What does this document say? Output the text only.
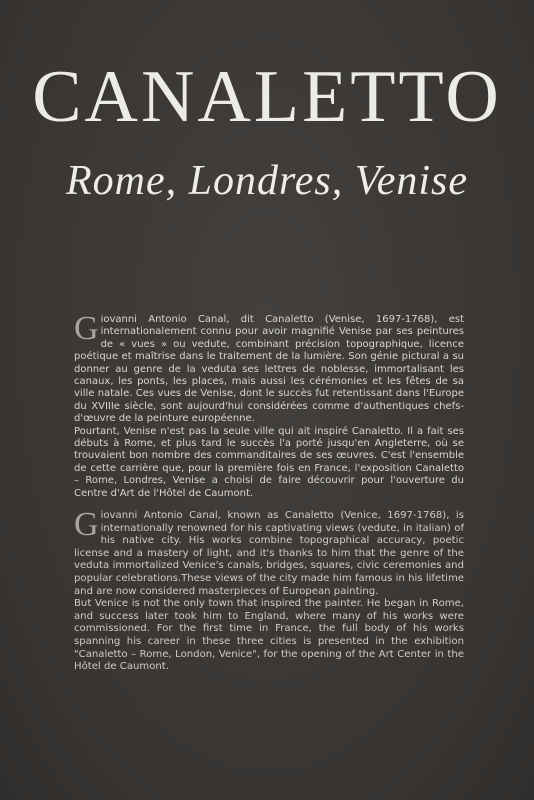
CANALETTO
Rome, Londres, Venise
G iovanni Antonio Canal, dit Canaletto (Venise, 1697-1768), est internationalement connu pour avoir magnifié Venise par ses peintures de « vues » ou vedute, combinant précision topographique, licence poétique et maîtrise dans le traitement de la lumière. Son génie pictural a su donner au genre de la veduta ses lettres de noblesse, immortalisant les canaux, les ponts, les places, mais aussi les cérémonies et les fêtes de sa ville natale. Ces vues de Venise, dont le succès fut retentissant dans l'Europe du XVIIIe siècle, sont aujourd'hui considérées comme d'authentiques chefs-d'œuvre de la peinture européenne.

Pourtant, Venise n'est pas la seule ville qui ait inspiré Canaletto. Il a fait ses débuts à Rome, et plus tard le succès l'a porté jusqu'en Angleterre, où se trouvaient bon nombre des commanditaires de ses œuvres. C'est l'ensemble de cette carrière que, pour la première fois en France, l'exposition Canaletto – Rome, Londres, Venise a choisi de faire découvrir pour l'ouverture du Centre d'Art de l'Hôtel de Caumont.

G iovanni Antonio Canal, known as Canaletto (Venice, 1697-1768), is internationally renowned for his captivating views (vedute, in italian) of his native city. His works combine topographical accuracy, poetic license and a mastery of light, and it's thanks to him that the genre of the veduta immortalized Venice's canals, bridges, squares, civic ceremonies and popular celebrations.These views of the city made him famous in his lifetime and are now considered masterpieces of European painting.

But Venice is not the only town that inspired the painter. He began in Rome, and success later took him to England, where many of his works were commissioned. For the first time in France, the full body of his works spanning his career in these three cities is presented in the exhibition "Canaletto – Rome, London, Venice", for the opening of the Art Center in the Hôtel de Caumont.
